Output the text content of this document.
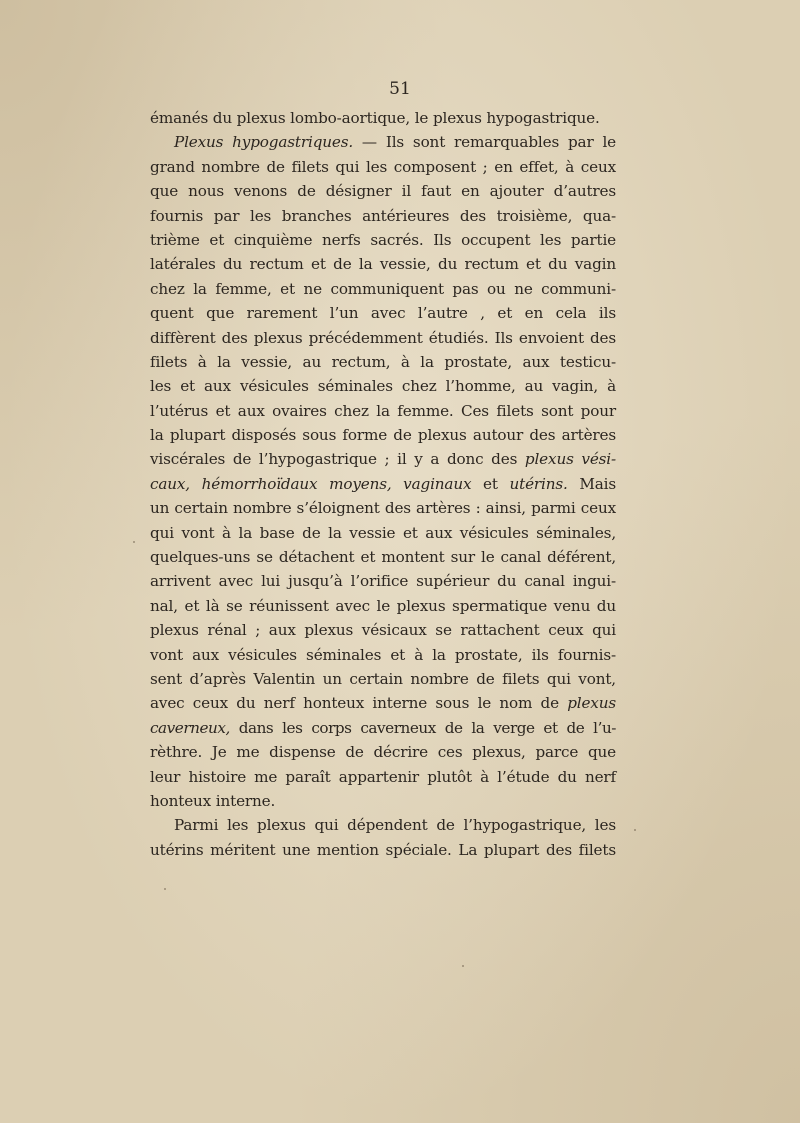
51

émanés du plexus lombo-aortique, le plexus hypogastrique.
Plexus hypogastriques. — Ils sont remarquables par le
grand nombre de filets qui les composent ; en effet, à ceux
que nous venons de désigner il faut en ajouter d’autres
fournis par les branches antérieures des troisième, qua-
trième et cinquième nerfs sacrés. Ils occupent les partie
latérales du rectum et de la vessie, du rectum et du vagin
chez la femme, et ne communiquent pas ou ne communi-
quent que rarement l’un avec l’autre , et en cela ils
diffèrent des plexus précédemment étudiés. Ils envoient des
filets à la vessie, au rectum, à la prostate, aux testicu-
les et aux vésicules séminales chez l’homme, au vagin, à
l’utérus et aux ovaires chez la femme. Ces filets sont pour
la plupart disposés sous forme de plexus autour des artères
viscérales de l’hypogastrique ; il y a donc des plexus vési-
caux, hémorrhoïdaux moyens, vaginaux et utérins. Mais
un certain nombre s’éloignent des artères : ainsi, parmi ceux
qui vont à la base de la vessie et aux vésicules séminales,
quelques-uns se détachent et montent sur le canal déférent,
arrivent avec lui jusqu’à l’orifice supérieur du canal ingui-
nal, et là se réunissent avec le plexus spermatique venu du
plexus rénal ; aux plexus vésicaux se rattachent ceux qui
vont aux vésicules séminales et à la prostate, ils fournis-
sent d’après Valentin un certain nombre de filets qui vont,
avec ceux du nerf honteux interne sous le nom de plexus
caverneux, dans les corps caverneux de la verge et de l’u-
rèthre. Je me dispense de décrire ces plexus, parce que
leur histoire me paraît appartenir plutôt à l’étude du nerf
honteux interne.
Parmi les plexus qui dépendent de l’hypogastrique, les
utérins méritent une mention spéciale. La plupart des filets
